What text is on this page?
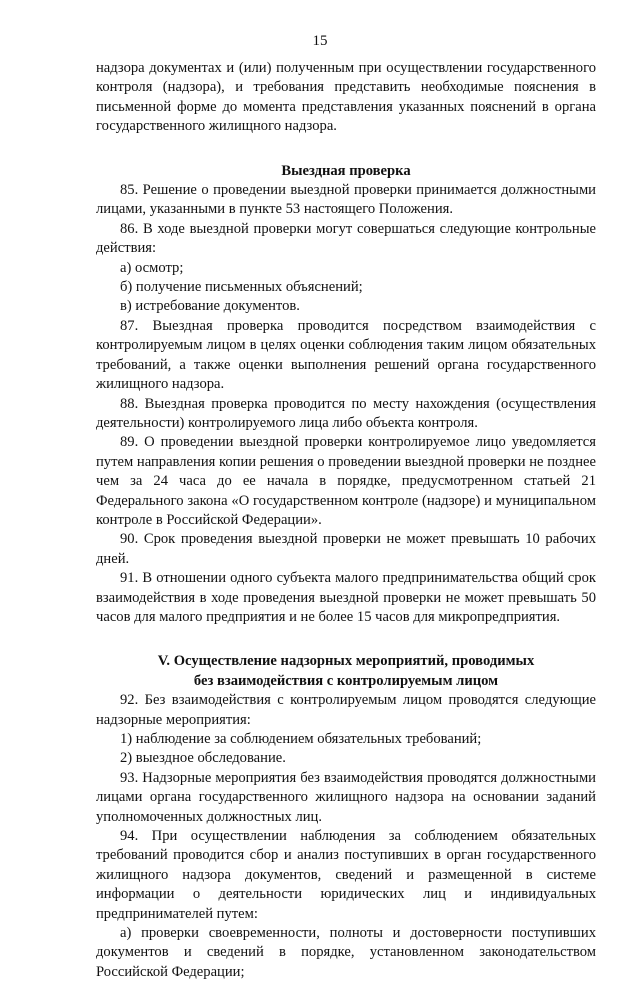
15

надзора документах и (или) полученным при осуществлении государственного контроля (надзора), и требования представить необходимые пояснения в письменной форме до момента представления указанных пояснений в органа государственного жилищного надзора.

Выездная проверка

85. Решение о проведении выездной проверки принимается должностными лицами, указанными в пункте 53 настоящего Положения.

86. В ходе выездной проверки могут совершаться следующие контрольные действия:

а) осмотр;

б) получение письменных объяснений;

в) истребование документов.

87. Выездная проверка проводится посредством взаимодействия с контролируемым лицом в целях оценки соблюдения таким лицом обязательных требований, а также оценки выполнения решений органа государственного жилищного надзора.

88. Выездная проверка проводится по месту нахождения (осуществления деятельности) контролируемого лица либо объекта контроля.

89. О проведении выездной проверки контролируемое лицо уведомляется путем направления копии решения о проведении выездной проверки не позднее чем за 24 часа до ее начала в порядке, предусмотренном статьей 21 Федерального закона «О государственном контроле (надзоре) и муниципальном контроле в Российской Федерации».

90. Срок проведения выездной проверки не может превышать 10 рабочих дней.

91. В отношении одного субъекта малого предпринимательства общий срок взаимодействия в ходе проведения выездной проверки не может превышать 50 часов для малого предприятия и не более 15 часов для микропредприятия.

V. Осуществление надзорных мероприятий, проводимых

без взаимодействия с контролируемым лицом

92. Без взаимодействия с контролируемым лицом проводятся следующие надзорные мероприятия:

1) наблюдение за соблюдением обязательных требований;

2) выездное обследование.

93. Надзорные мероприятия без взаимодействия проводятся должностными лицами органа государственного жилищного надзора на основании заданий уполномоченных должностных лиц.

94. При осуществлении наблюдения за соблюдением обязательных требований проводится сбор и анализ поступивших в орган государственного жилищного надзора документов, сведений и размещенной в системе информации о деятельности юридических лиц и индивидуальных предпринимателей путем:

а) проверки своевременности, полноты и достоверности поступивших документов и сведений в порядке, установленном законодательством Российской Федерации;
